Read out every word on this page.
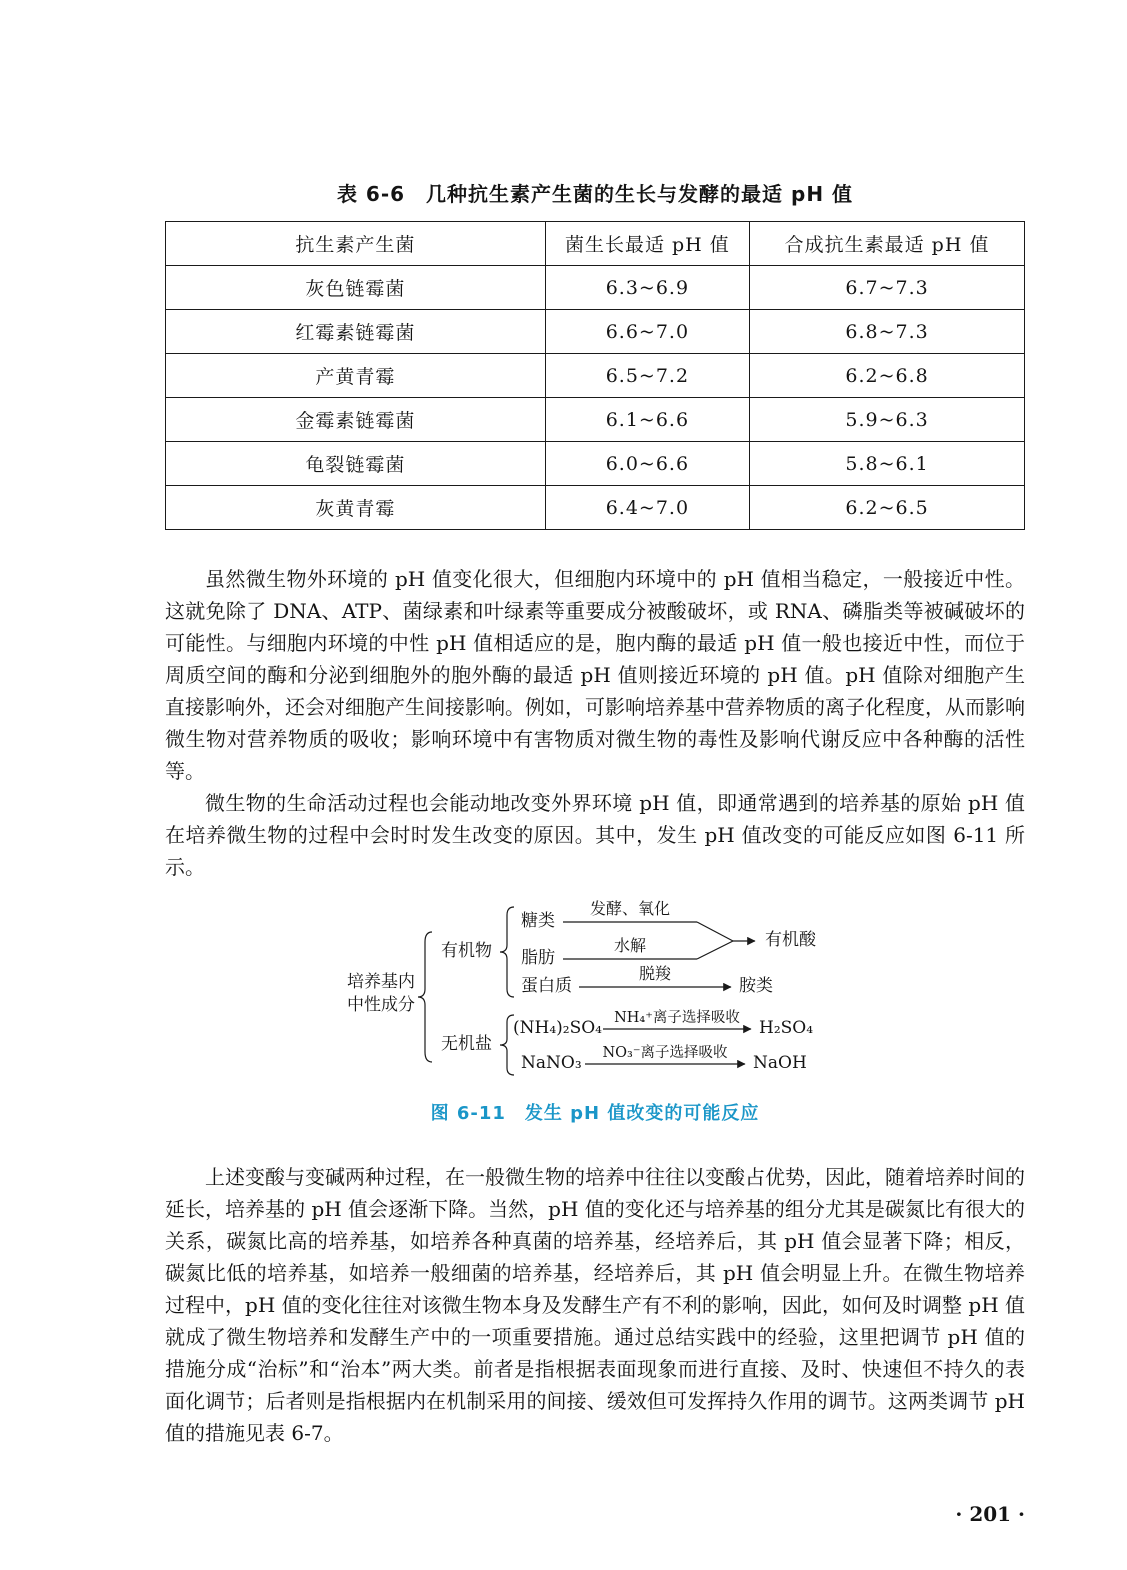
表 6-6　几种抗生素产生菌的生长与发酵的最适 pH 值
抗生素产生菌	菌生长最适 pH 值	合成抗生素最适 pH 值
灰色链霉菌	6.3~6.9	6.7~7.3
红霉素链霉菌	6.6~7.0	6.8~7.3
产黄青霉	6.5~7.2	6.2~6.8
金霉素链霉菌	6.1~6.6	5.9~6.3
龟裂链霉菌	6.0~6.6	5.8~6.1
灰黄青霉	6.4~7.0	6.2~6.5

虽然微生物外环境的 pH 值变化很大，但细胞内环境中的 pH 值相当稳定，一般接近中性。这就免除了 DNA、ATP、菌绿素和叶绿素等重要成分被酸破坏，或 RNA、磷脂类等被碱破坏的可能性。与细胞内环境的中性 pH 值相适应的是，胞内酶的最适 pH 值一般也接近中性，而位于周质空间的酶和分泌到细胞外的胞外酶的最适 pH 值则接近环境的 pH 值。pH 值除对细胞产生直接影响外，还会对细胞产生间接影响。例如，可影响培养基中营养物质的离子化程度，从而影响微生物对营养物质的吸收；影响环境中有害物质对微生物的毒性及影响代谢反应中各种酶的活性等。

微生物的生命活动过程也会能动地改变外界环境 pH 值，即通常遇到的培养基的原始 pH 值在培养微生物的过程中会时时发生改变的原因。其中，发生 pH 值改变的可能反应如图 6-11 所示。

培养基内
中性成分
有机物
无机盐
糖类
脂肪
蛋白质
(NH₄)₂SO₄
NaNO₃
发酵、氧化
水解
脱羧
NH₄⁺离子选择吸收
NO₃⁻离子选择吸收
有机酸
胺类
H₂SO₄
NaOH
图 6-11　发生 pH 值改变的可能反应

上述变酸与变碱两种过程，在一般微生物的培养中往往以变酸占优势，因此，随着培养时间的延长，培养基的 pH 值会逐渐下降。当然，pH 值的变化还与培养基的组分尤其是碳氮比有很大的关系，碳氮比高的培养基，如培养各种真菌的培养基，经培养后，其 pH 值会显著下降；相反，碳氮比低的培养基，如培养一般细菌的培养基，经培养后，其 pH 值会明显上升。在微生物培养过程中，pH 值的变化往往对该微生物本身及发酵生产有不利的影响，因此，如何及时调整 pH 值就成了微生物培养和发酵生产中的一项重要措施。通过总结实践中的经验，这里把调节 pH 值的措施分成“治标”和“治本”两大类。前者是指根据表面现象而进行直接、及时、快速但不持久的表面化调节；后者则是指根据内在机制采用的间接、缓效但可发挥持久作用的调节。这两类调节 pH 值的措施见表 6-7。

· 201 ·
